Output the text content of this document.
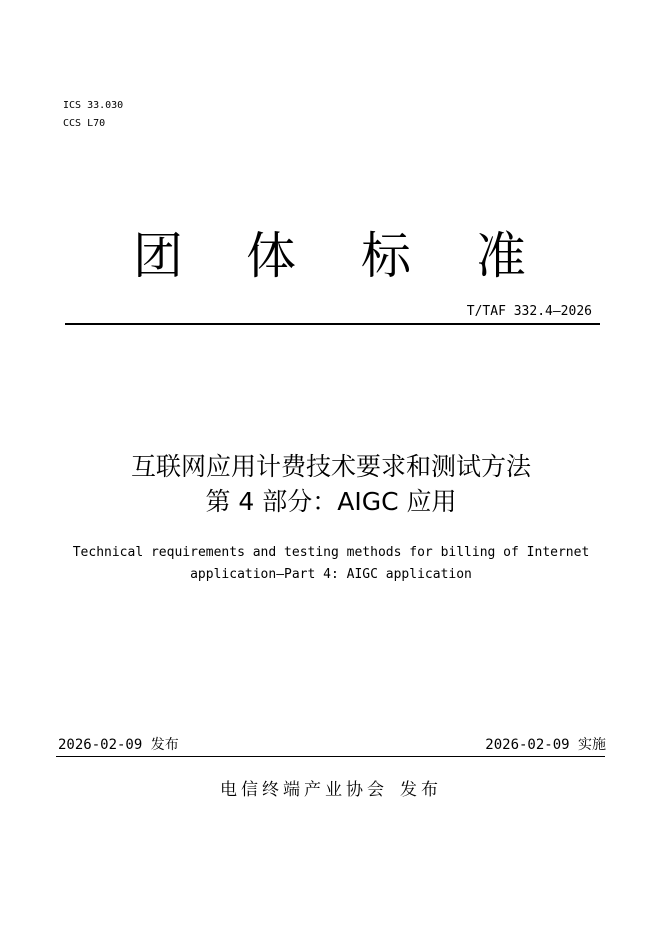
ICS 33.030
CCS L70
团 体 标 准
T/TAF 332.4—2026
互联网应用计费技术要求和测试方法
第 4 部分：AIGC 应用
Technical requirements and testing methods for billing of Internet
application—Part 4: AIGC application
2026-02-09 发布	2026-02-09 实施
电信终端产业协会 发布
